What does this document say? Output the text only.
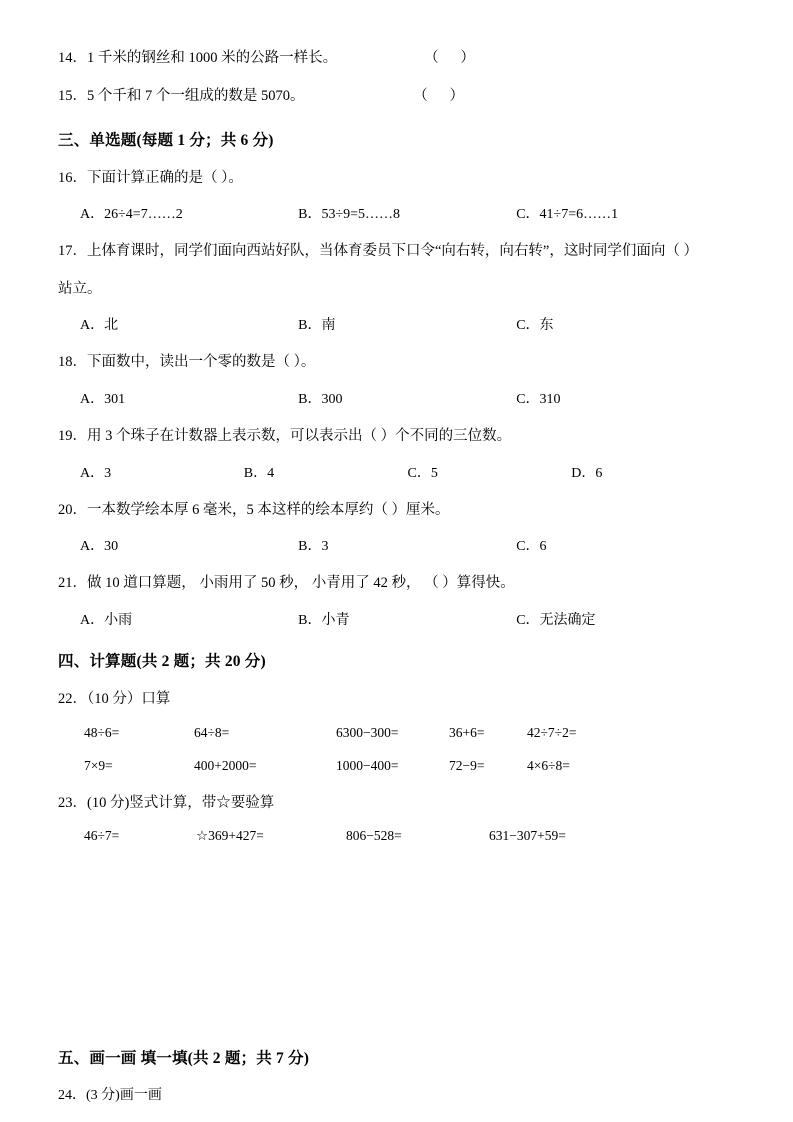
14．1 千米的钢丝和 1000 米的公路一样长。                        （      ）
15．5 个千和 7 个一组成的数是 5070。                              （      ）
三、单选题(每题 1 分；共 6 分)
16．下面计算正确的是（ ）。
A．26÷4=7……2	B．53÷9=5……8	C．41÷7=6……1
17．上体育课时，同学们面向西站好队，当体育委员下口令“向右转，向右转”，这时同学们面向（ ）
站立。
A．北	B．南	C．东
18．下面数中，读出一个零的数是（ ）。
A．301	B．300	C．310
19．用 3 个珠子在计数器上表示数，可以表示出（ ）个不同的三位数。
A．3	B．4	C．5	D．6
20．一本数学绘本厚 6 毫米，5 本这样的绘本厚约（ ）厘米。
A．30	B．3	C．6
21．做 10 道口算题， 小雨用了 50 秒， 小青用了 42 秒， （ ）算得快。
A．小雨	B．小青	C．无法确定
四、计算题(共 2 题；共 20 分)
22．（10 分）口算
48÷6=	64÷8=	6300−300=	36+6=	42÷7÷2=
7×9=	400+2000=	1000−400=	72−9=	4×6÷8=
23．(10 分)竖式计算，带☆要验算
46÷7=	☆369+427=	806−528=	631−307+59=
五、画一画 填一填(共 2 题；共 7 分)
24．(3 分)画一画
